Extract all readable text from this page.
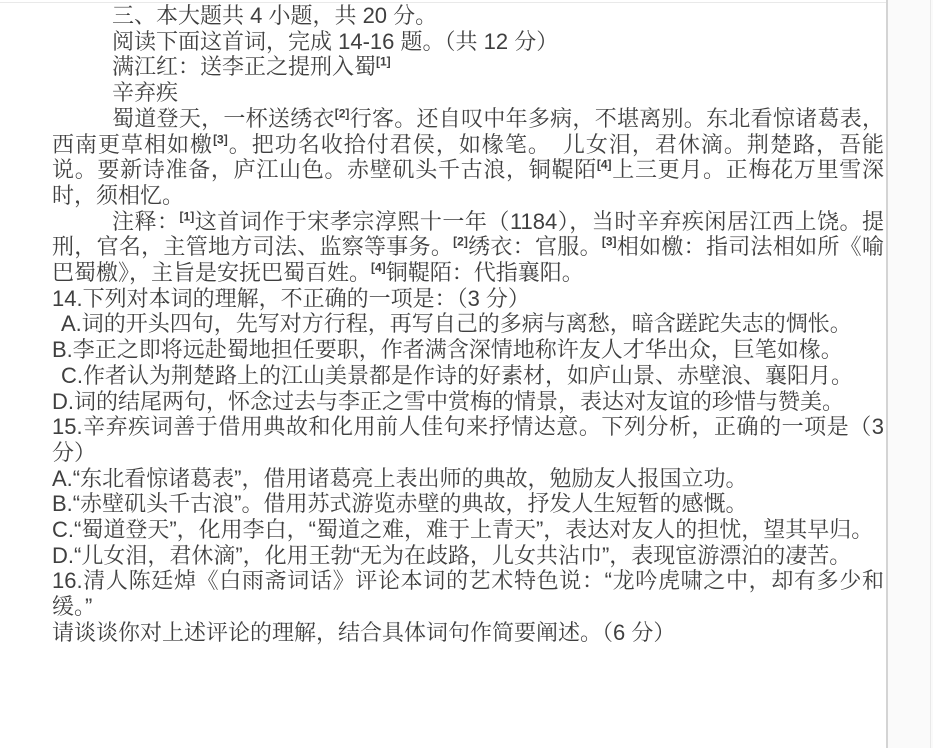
三、本大题共 4 小题，共 20 分。

阅读下面这首词，完成 14-16 题。（共 12 分）

满江红：送李正之提刑入蜀[1]

辛弃疾

蜀道登天，一杯送绣衣[2]行客。还自叹中年多病，不堪离别。东北看惊诸葛表，西南更草相如檄[3]。把功名收拾付君侯，如椽笔。　儿女泪，君休滴。荆楚路，吾能说。要新诗准备，庐江山色。赤壁矶头千古浪，铜鞮陌[4]上三更月。正梅花万里雪深时，须相忆。

注释：[1]这首词作于宋孝宗淳熙十一年（1184），当时辛弃疾闲居江西上饶。提刑，官名，主管地方司法、监察等事务。[2]绣衣：官服。[3]相如檄：指司法相如所《喻巴蜀檄》，主旨是安抚巴蜀百姓。[4]铜鞮陌：代指襄阳。

14.下列对本词的理解，不正确的一项是：（3 分）

A.词的开头四句，先写对方行程，再写自己的多病与离愁，暗含蹉跎失志的惆怅。

B.李正之即将远赴蜀地担任要职，作者满含深情地称许友人才华出众，巨笔如椽。

C.作者认为荆楚路上的江山美景都是作诗的好素材，如庐山景、赤壁浪、襄阳月。

D.词的结尾两句，怀念过去与李正之雪中赏梅的情景，表达对友谊的珍惜与赞美。

15.辛弃疾词善于借用典故和化用前人佳句来抒情达意。下列分析，正确的一项是（3 分）

A.“东北看惊诸葛表”，借用诸葛亮上表出师的典故，勉励友人报国立功。

B.“赤壁矶头千古浪”。借用苏式游览赤壁的典故，抒发人生短暂的感慨。

C.“蜀道登天”，化用李白，“蜀道之难，难于上青天”，表达对友人的担忧，望其早归。

D.“儿女泪，君休滴”，化用王勃“无为在歧路，儿女共沾巾”，表现宦游漂泊的凄苦。

16.清人陈廷焯《白雨斋词话》评论本词的艺术特色说：“龙吟虎啸之中，却有多少和缓。”

请谈谈你对上述评论的理解，结合具体词句作简要阐述。（6 分）
